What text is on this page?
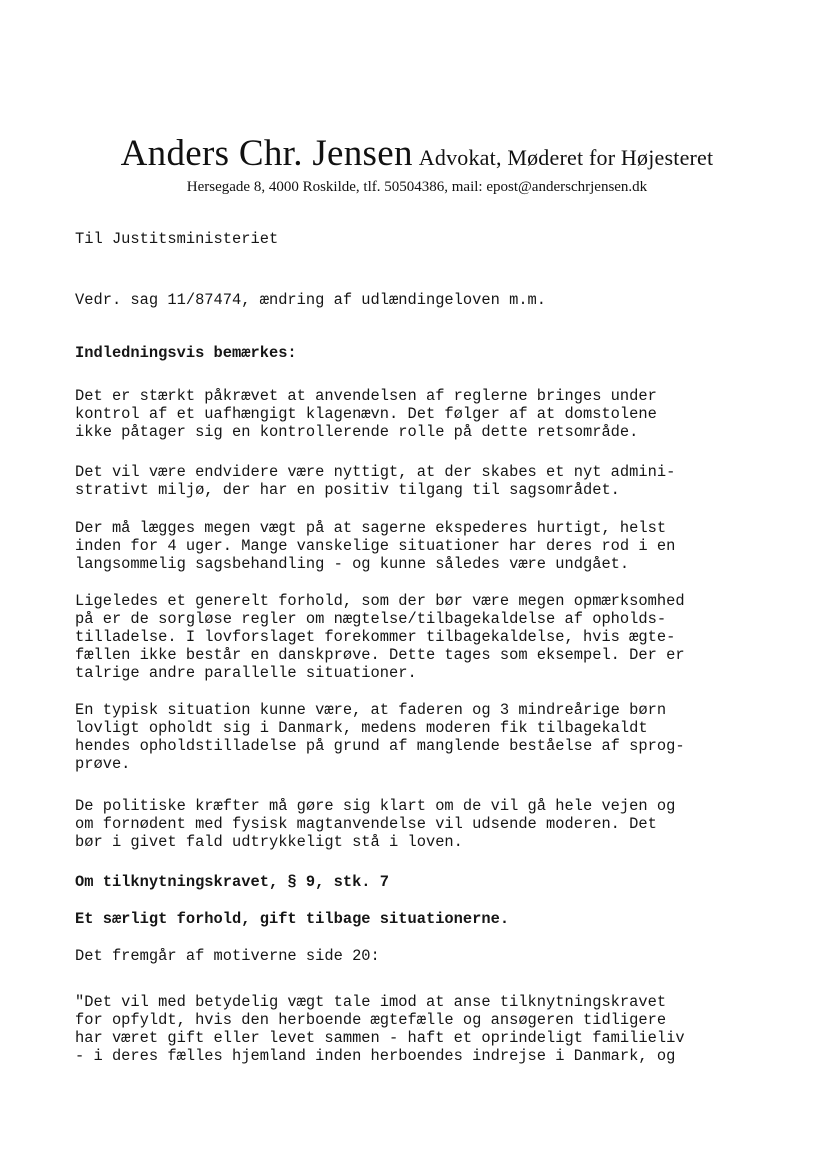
Anders Chr. Jensen Advokat, Møderet for Højesteret
Hersegade 8, 4000 Roskilde, tlf. 50504386, mail: epost@anderschrjensen.dk
Til Justitsministeriet
Vedr. sag 11/87474, ændring af udlændingeloven m.m.
Indledningsvis bemærkes:
Det er stærkt påkrævet at anvendelsen af reglerne bringes under
kontrol af et uafhængigt klagenævn. Det følger af at domstolene
ikke påtager sig en kontrollerende rolle på dette retsområde.
Det vil være endvidere være nyttigt, at der skabes et nyt admini-
strativt miljø, der har en positiv tilgang til sagsområdet.
Der må lægges megen vægt på at sagerne ekspederes hurtigt, helst
inden for 4 uger. Mange vanskelige situationer har deres rod i en
langsommelig sagsbehandling - og kunne således være undgået.
Ligeledes et generelt forhold, som der bør være megen opmærksomhed
på er de sorgløse regler om nægtelse/tilbagekaldelse af opholds-
tilladelse. I lovforslaget forekommer tilbagekaldelse, hvis ægte-
fællen ikke består en danskprøve. Dette tages som eksempel. Der er
talrige andre parallelle situationer.
En typisk situation kunne være, at faderen og 3 mindreårige børn
lovligt opholdt sig i Danmark, medens moderen fik tilbagekaldt
hendes opholdstilladelse på grund af manglende beståelse af sprog-
prøve.
De politiske kræfter må gøre sig klart om de vil gå hele vejen og
om fornødent med fysisk magtanvendelse vil udsende moderen. Det
bør i givet fald udtrykkeligt stå i loven.
Om tilknytningskravet, § 9, stk. 7
Et særligt forhold, gift tilbage situationerne.
Det fremgår af motiverne side 20:
"Det vil med betydelig vægt tale imod at anse tilknytningskravet
for opfyldt, hvis den herboende ægtefælle og ansøgeren tidligere
har været gift eller levet sammen - haft et oprindeligt familieliv
- i deres fælles hjemland inden herboendes indrejse i Danmark, og
